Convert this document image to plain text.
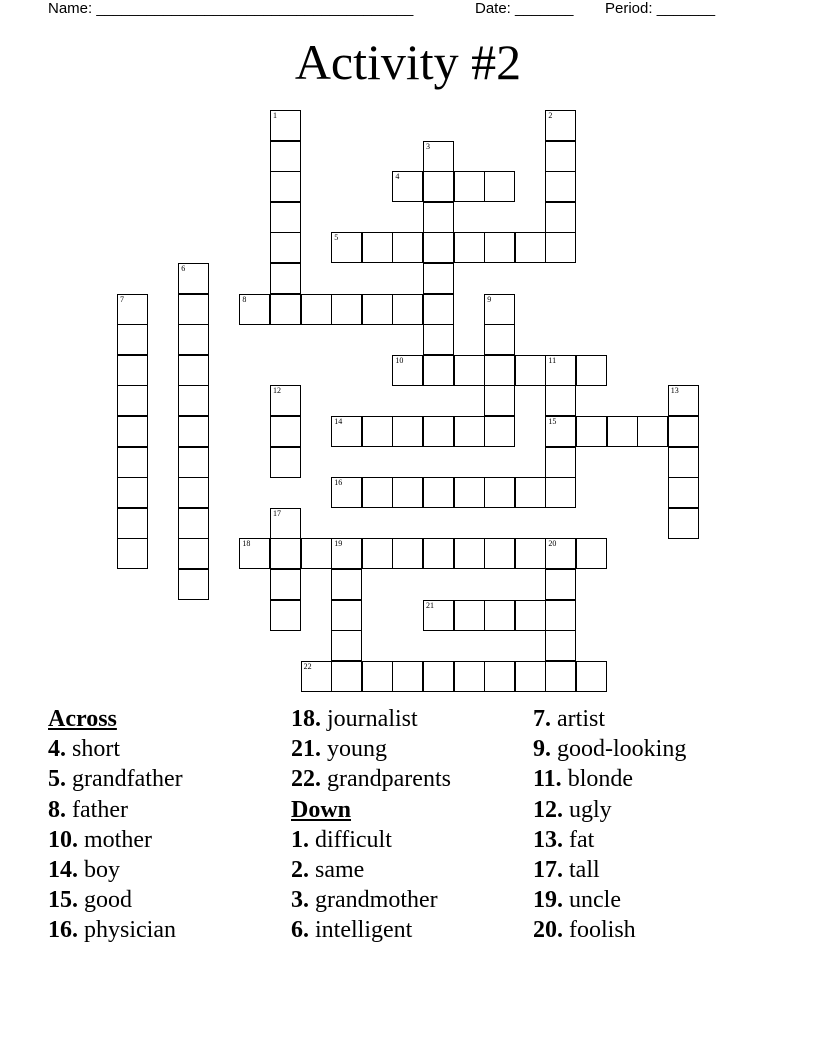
Name: ______________________________________	Date: _______ Period: _______
Activity #2
1	2
3
4
5
6
7	8	9
10	11
15
12	13
14
16
17
18	19	20
21
22
Across
4. short
5. grandfather
8. father
10. mother
14. boy
15. good
16. physician
18. journalist
21. young
22. grandparents
Down
1. difficult
2. same
3. grandmother
6. intelligent
7. artist
9. good-looking
11. blonde
12. ugly
13. fat
17. tall
19. uncle
20. foolish
